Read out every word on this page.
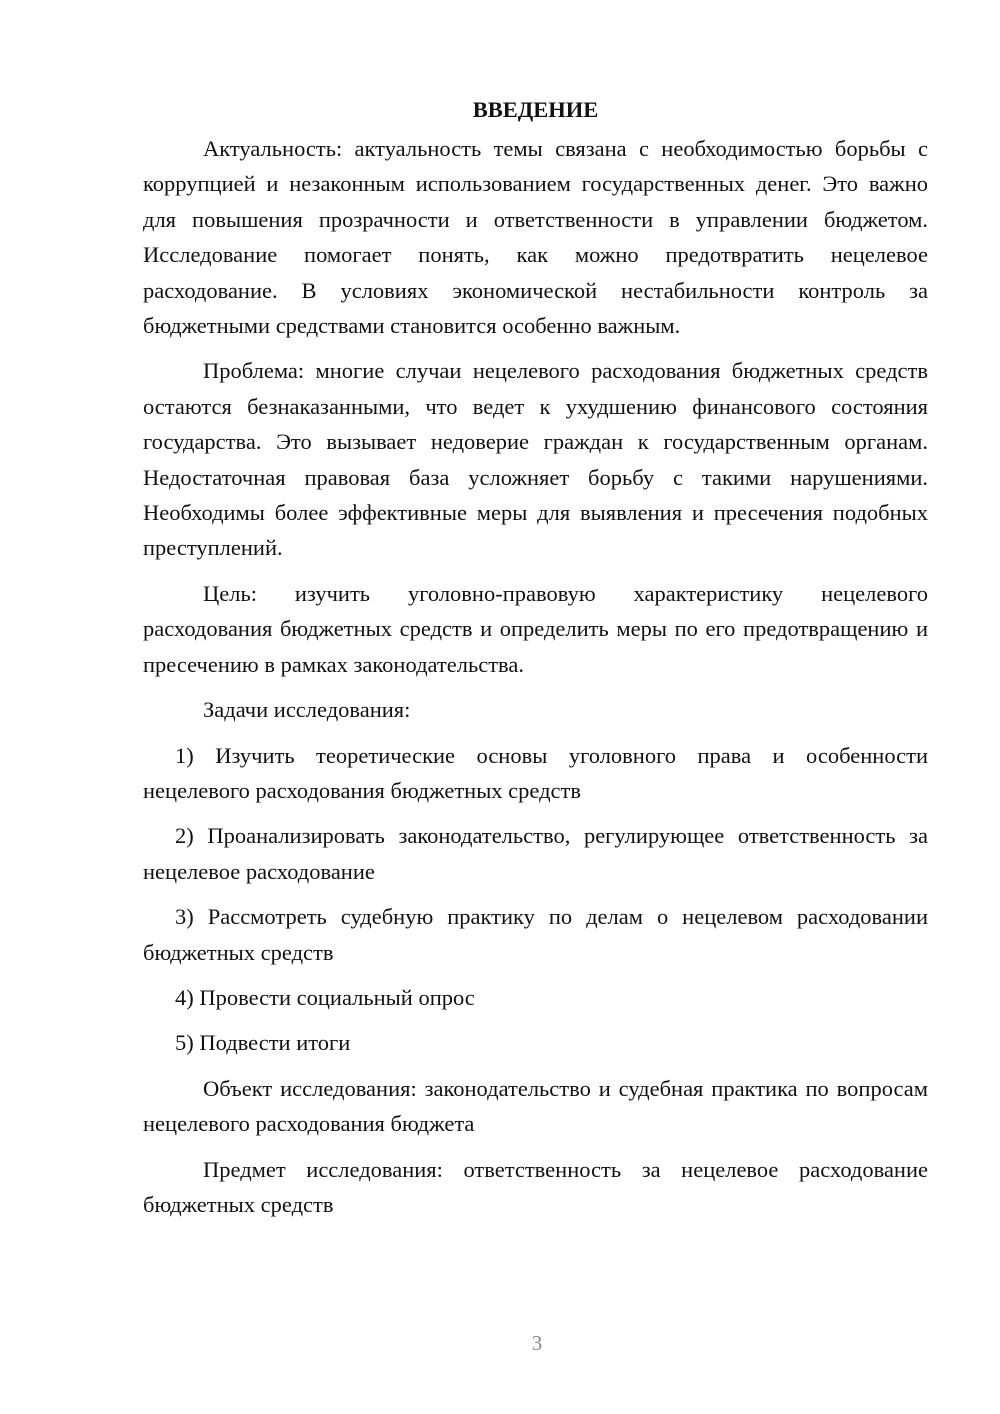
ВВЕДЕНИЕ

Актуальность: актуальность темы связана с необходимостью борьбы с коррупцией и незаконным использованием государственных денег. Это важно для повышения прозрачности и ответственности в управлении бюджетом. Исследование помогает понять, как можно предотвратить нецелевое расходование. В условиях экономической нестабильности контроль за бюджетными средствами становится особенно важным.

Проблема: многие случаи нецелевого расходования бюджетных средств остаются безнаказанными, что ведет к ухудшению финансового состояния государства. Это вызывает недоверие граждан к государственным органам. Недостаточная правовая база усложняет борьбу с такими нарушениями. Необходимы более эффективные меры для выявления и пресечения подобных преступлений.

Цель: изучить уголовно-правовую характеристику нецелевого расходования бюджетных средств и определить меры по его предотвращению и пресечению в рамках законодательства.

Задачи исследования:

1) Изучить теоретические основы уголовного права и особенности нецелевого расходования бюджетных средств

2) Проанализировать законодательство, регулирующее ответственность за нецелевое расходование

3) Рассмотреть судебную практику по делам о нецелевом расходовании бюджетных средств

4) Провести социальный опрос

5) Подвести итоги

Объект исследования: законодательство и судебная практика по вопросам нецелевого расходования бюджета

Предмет исследования: ответственность за нецелевое расходование бюджетных средств

3
